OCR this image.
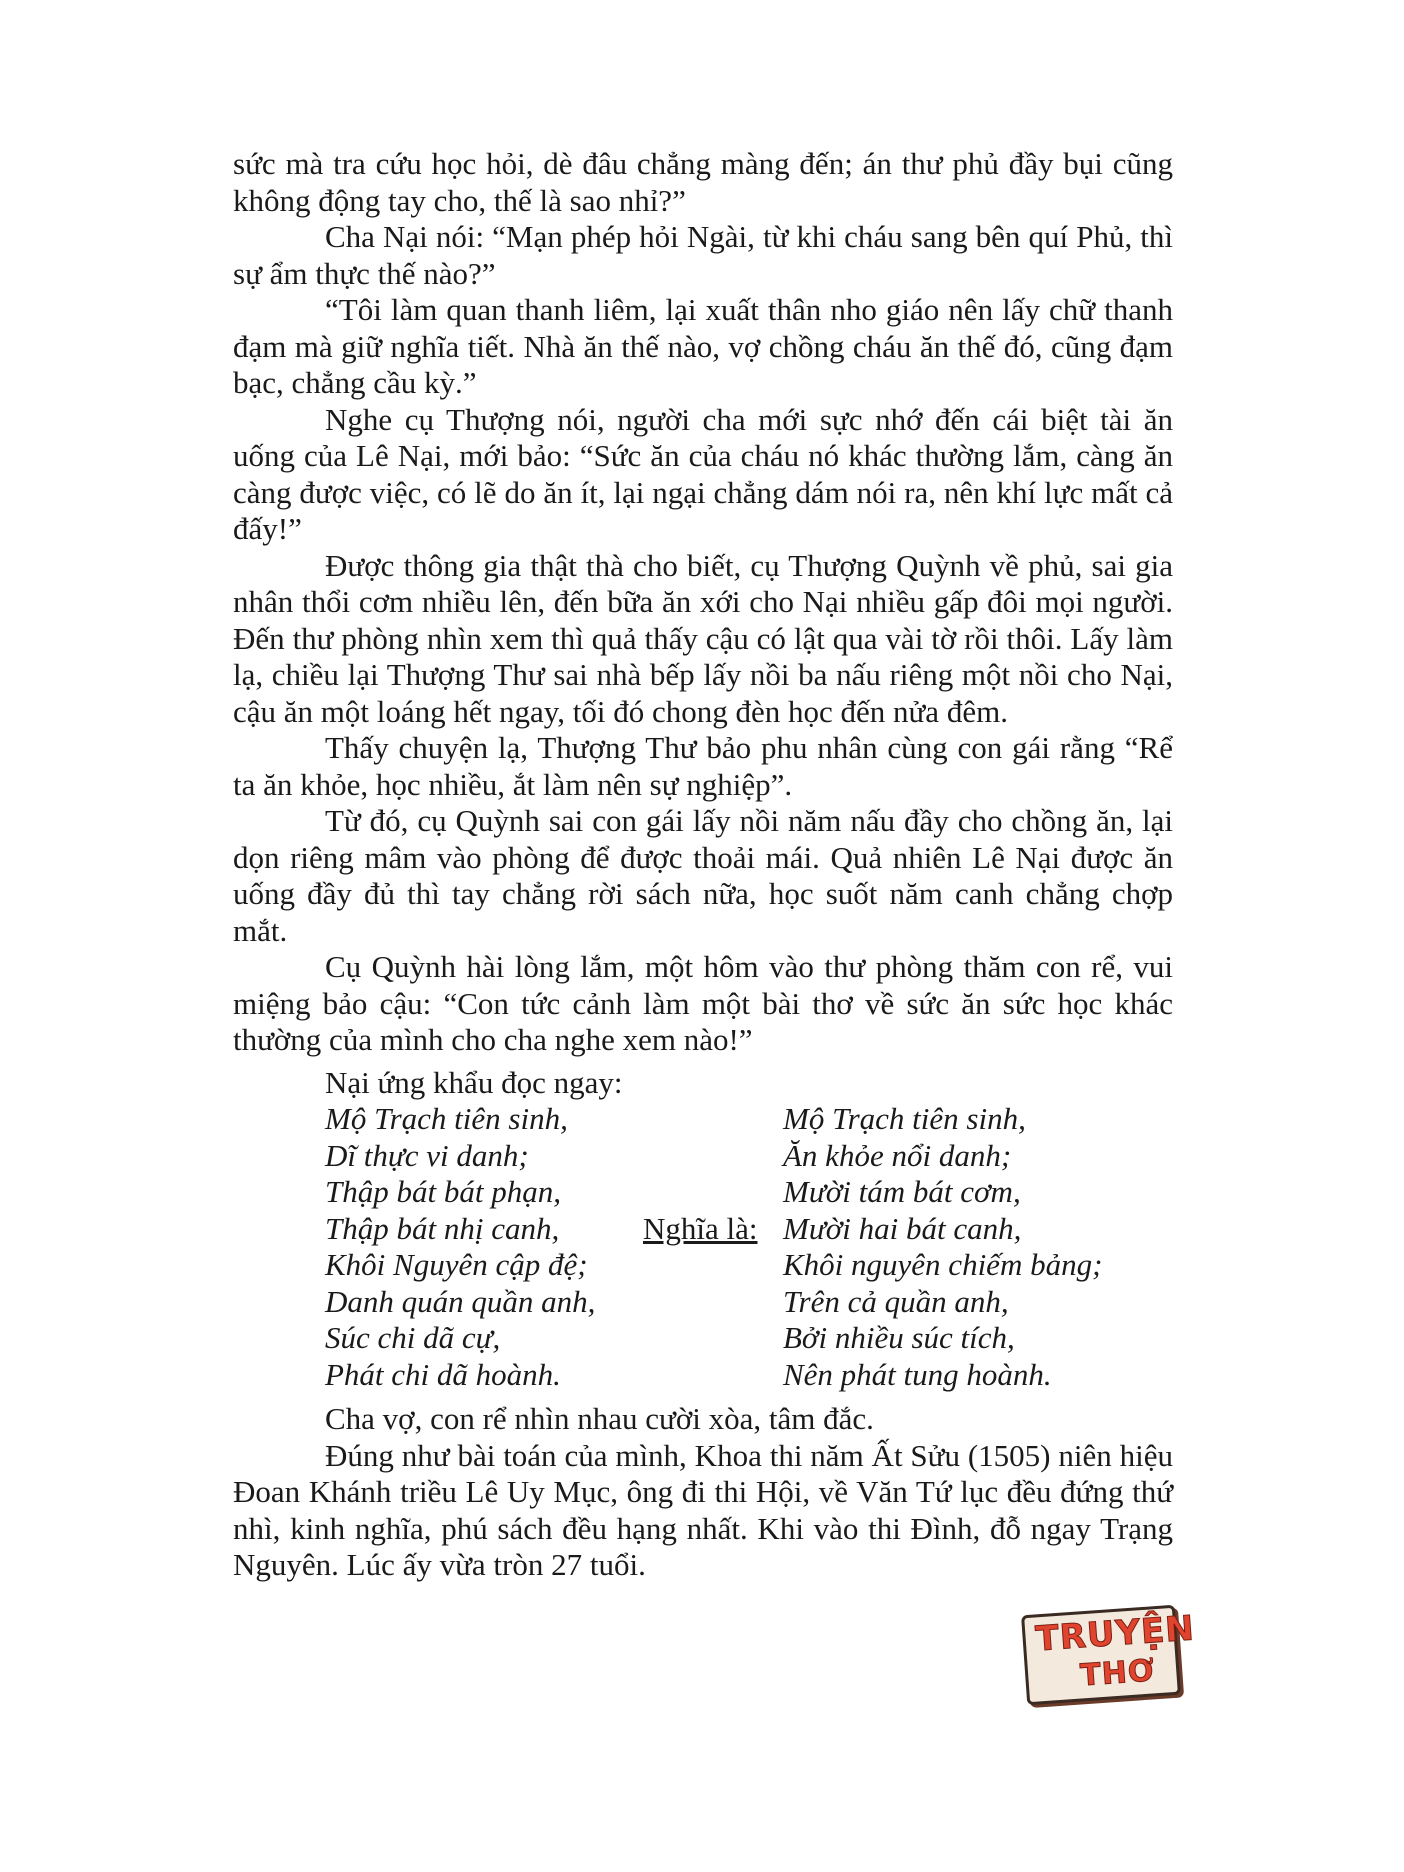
sức mà tra cứu học hỏi, dè đâu chẳng màng đến; án thư phủ đầy bụi cũng không động tay cho, thế là sao nhỉ?”

Cha Nại nói: “Mạn phép hỏi Ngài, từ khi cháu sang bên quí Phủ, thì sự ẩm thực thế nào?”

“Tôi làm quan thanh liêm, lại xuất thân nho giáo nên lấy chữ thanh đạm mà giữ nghĩa tiết. Nhà ăn thế nào, vợ chồng cháu ăn thế đó, cũng đạm bạc, chẳng cầu kỳ.”

Nghe cụ Thượng nói, người cha mới sực nhớ đến cái biệt tài ăn uống của Lê Nại, mới bảo: “Sức ăn của cháu nó khác thường lắm, càng ăn càng được việc, có lẽ do ăn ít, lại ngại chẳng dám nói ra, nên khí lực mất cả đấy!”

Được thông gia thật thà cho biết, cụ Thượng Quỳnh về phủ, sai gia nhân thổi cơm nhiều lên, đến bữa ăn xới cho Nại nhiều gấp đôi mọi người. Đến thư phòng nhìn xem thì quả thấy cậu có lật qua vài tờ rồi thôi. Lấy làm lạ, chiều lại Thượng Thư sai nhà bếp lấy nồi ba nấu riêng một nồi cho Nại, cậu ăn một loáng hết ngay, tối đó chong đèn học đến nửa đêm.

Thấy chuyện lạ, Thượng Thư bảo phu nhân cùng con gái rằng “Rể ta ăn khỏe, học nhiều, ắt làm nên sự nghiệp”.

Từ đó, cụ Quỳnh sai con gái lấy nồi năm nấu đầy cho chồng ăn, lại dọn riêng mâm vào phòng để được thoải mái. Quả nhiên Lê Nại được ăn uống đầy đủ thì tay chẳng rời sách nữa, học suốt năm canh chẳng chợp mắt.

Cụ Quỳnh hài lòng lắm, một hôm vào thư phòng thăm con rể, vui miệng bảo cậu: “Con tức cảnh làm một bài thơ về sức ăn sức học khác thường của mình cho cha nghe xem nào!”

Nại ứng khẩu đọc ngay:

Mộ Trạch tiên sinh,
Dĩ thực vi danh;
Thập bát bát phạn,
Thập bát nhị canh,
Khôi Nguyên cập đệ;
Danh quán quần anh,
Súc chi dã cự,
Phát chi dã hoành.
Nghĩa là:
Mộ Trạch tiên sinh,
Ăn khỏe nổi danh;
Mười tám bát cơm,
Mười hai bát canh,
Khôi nguyên chiếm bảng;
Trên cả quần anh,
Bởi nhiều súc tích,
Nên phát tung hoành.

Cha vợ, con rể nhìn nhau cười xòa, tâm đắc.

Đúng như bài toán của mình, Khoa thi năm Ất Sửu (1505) niên hiệu Đoan Khánh triều Lê Uy Mục, ông đi thi Hội, về Văn Tứ lục đều đứng thứ nhì, kinh nghĩa, phú sách đều hạng nhất. Khi vào thi Đình, đỗ ngay Trạng Nguyên. Lúc ấy vừa tròn 27 tuổi.

TRUYỆN
THƠ
